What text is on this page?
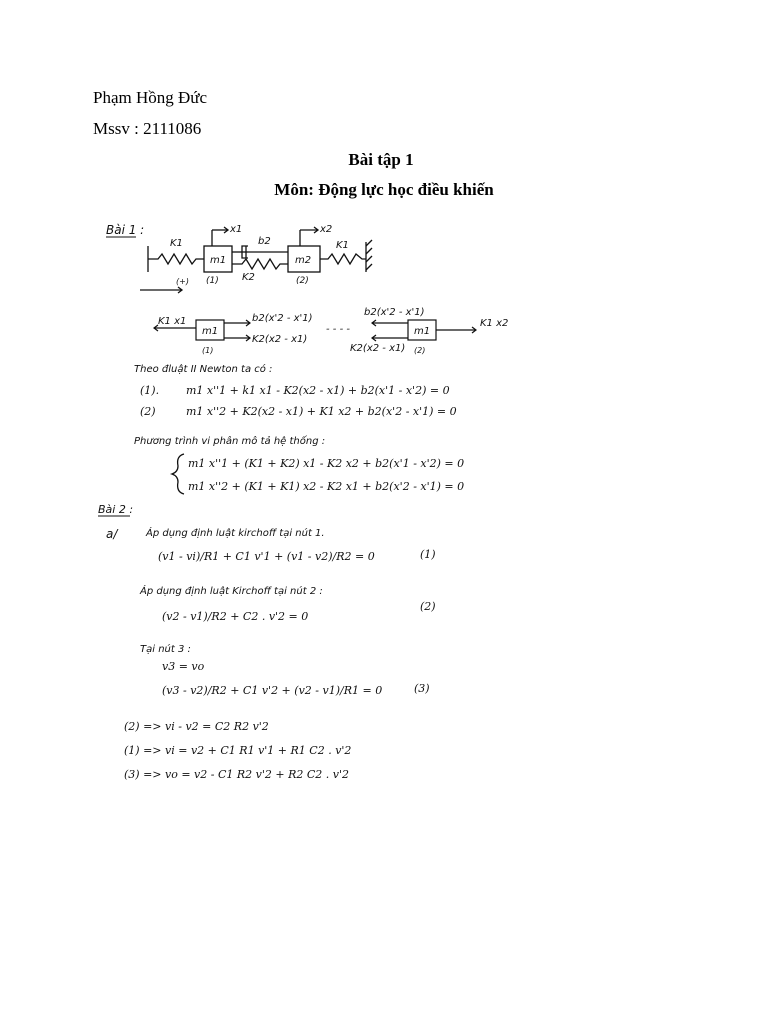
Phạm Hồng Đức
Mssv : 2111086
Bài tập 1
Môn: Động lực học điều khiến
Bài 1 :
K1	b2
K2
K1
m1	m2
(1)	(2)
x1	x2
(+)
K1 x1
m1
b2(x'2 - x'1)
K2(x2 - x1)
(1)
- - - -
b2(x'2 - x'1)
K2(x2 - x1)
m1
K1 x2
(2)
Theo đluật II Newton ta có :
(1). m1 x''1 + k1 x1 - K2(x2 - x1) + b2(x'1 - x'2) = 0
(2)	m1 x''2 + K2(x2 - x1) + K1 x2 + b2(x'2 - x'1) = 0
Phương trình vi phân mô tả hệ thống :
m1 x''1 + (K1 + K2) x1 - K2 x2 + b2(x'1 - x'2) = 0
m1 x''2 + (K1 + K1) x2 - K2 x1 + b2(x'2 - x'1) = 0
Bài 2 :
a/	Áp dụng định luật kirchoff tại nút 1.
(v1 - vi)/R1 + C1 v'1 + (v1 - v2)/R2 = 0	(1)
Áp dụng định luật Kirchoff tại nút 2 :
(v2 - v1)/R2 + C2 . v'2 = 0
(2)
Tại nút 3 :
v3 = vo
(v3 - v2)/R2 + C1 v'2 + (v2 - v1)/R1 = 0	(3)
(2) => vi - v2 = C2 R2 v'2
(1) => vi = v2 + C1 R1 v'1 + R1 C2 . v'2
(3) => vo = v2 - C1 R2 v'2 + R2 C2 . v'2
